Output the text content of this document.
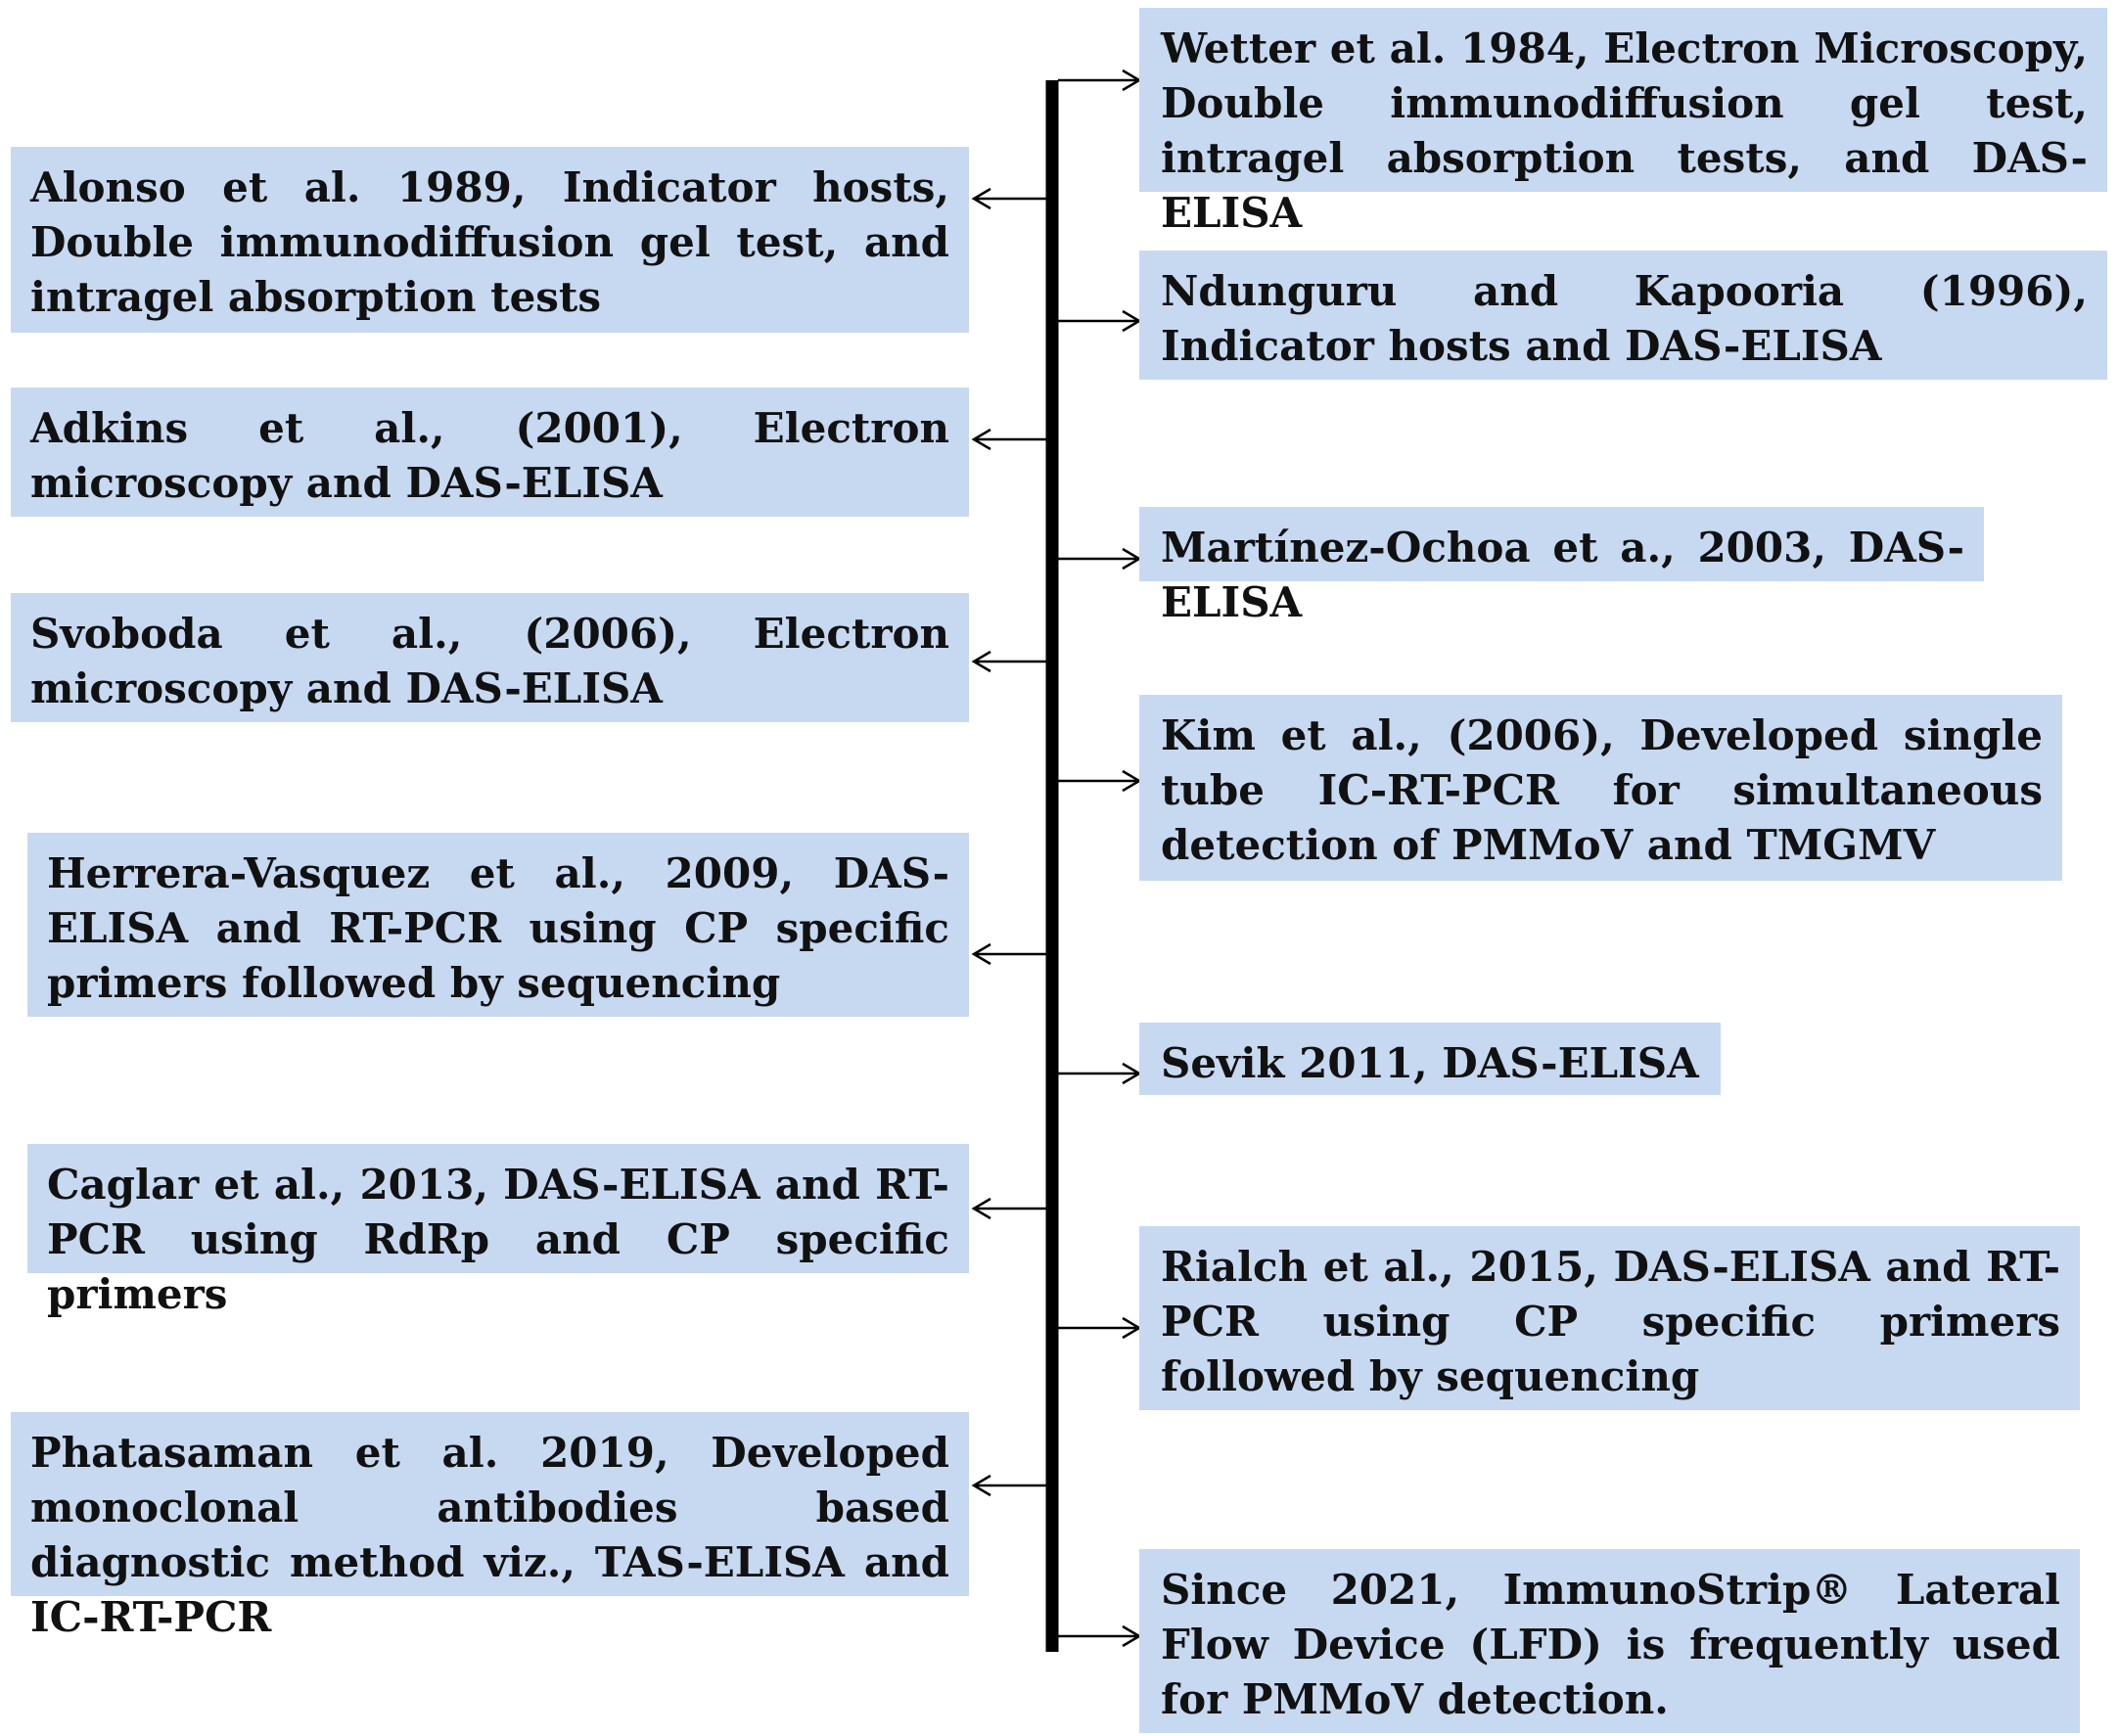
Alonso et al. 1989, Indicator hosts, Double immunodiffusion gel test, and intragel absorption tests
Adkins et al., (2001), Electron microscopy and DAS-ELISA
Svoboda et al., (2006), Electron microscopy and DAS-ELISA
Herrera-Vasquez et al., 2009, DAS-ELISA and RT-PCR using CP specific primers followed by sequencing
Caglar et al., 2013, DAS-ELISA and RT-PCR using RdRp and CP specific primers
Phatasaman et al. 2019, Developed monoclonal antibodies based diagnostic method viz., TAS-ELISA and IC-RT-PCR
Wetter et al. 1984, Electron Microscopy, Double immunodiffusion gel test, intragel absorption tests, and DAS-ELISA
Ndunguru and Kapooria (1996), Indicator hosts and DAS-ELISA
Martínez-Ochoa et a., 2003, DAS-ELISA
Kim et al., (2006), Developed single tube IC-RT-PCR for simultaneous detection of PMMoV and TMGMV
Sevik 2011, DAS-ELISA
Rialch et al., 2015, DAS-ELISA and RT-PCR using CP specific primers followed by sequencing
Since 2021, ImmunoStrip® Lateral Flow Device (LFD) is frequently used for PMMoV detection.
